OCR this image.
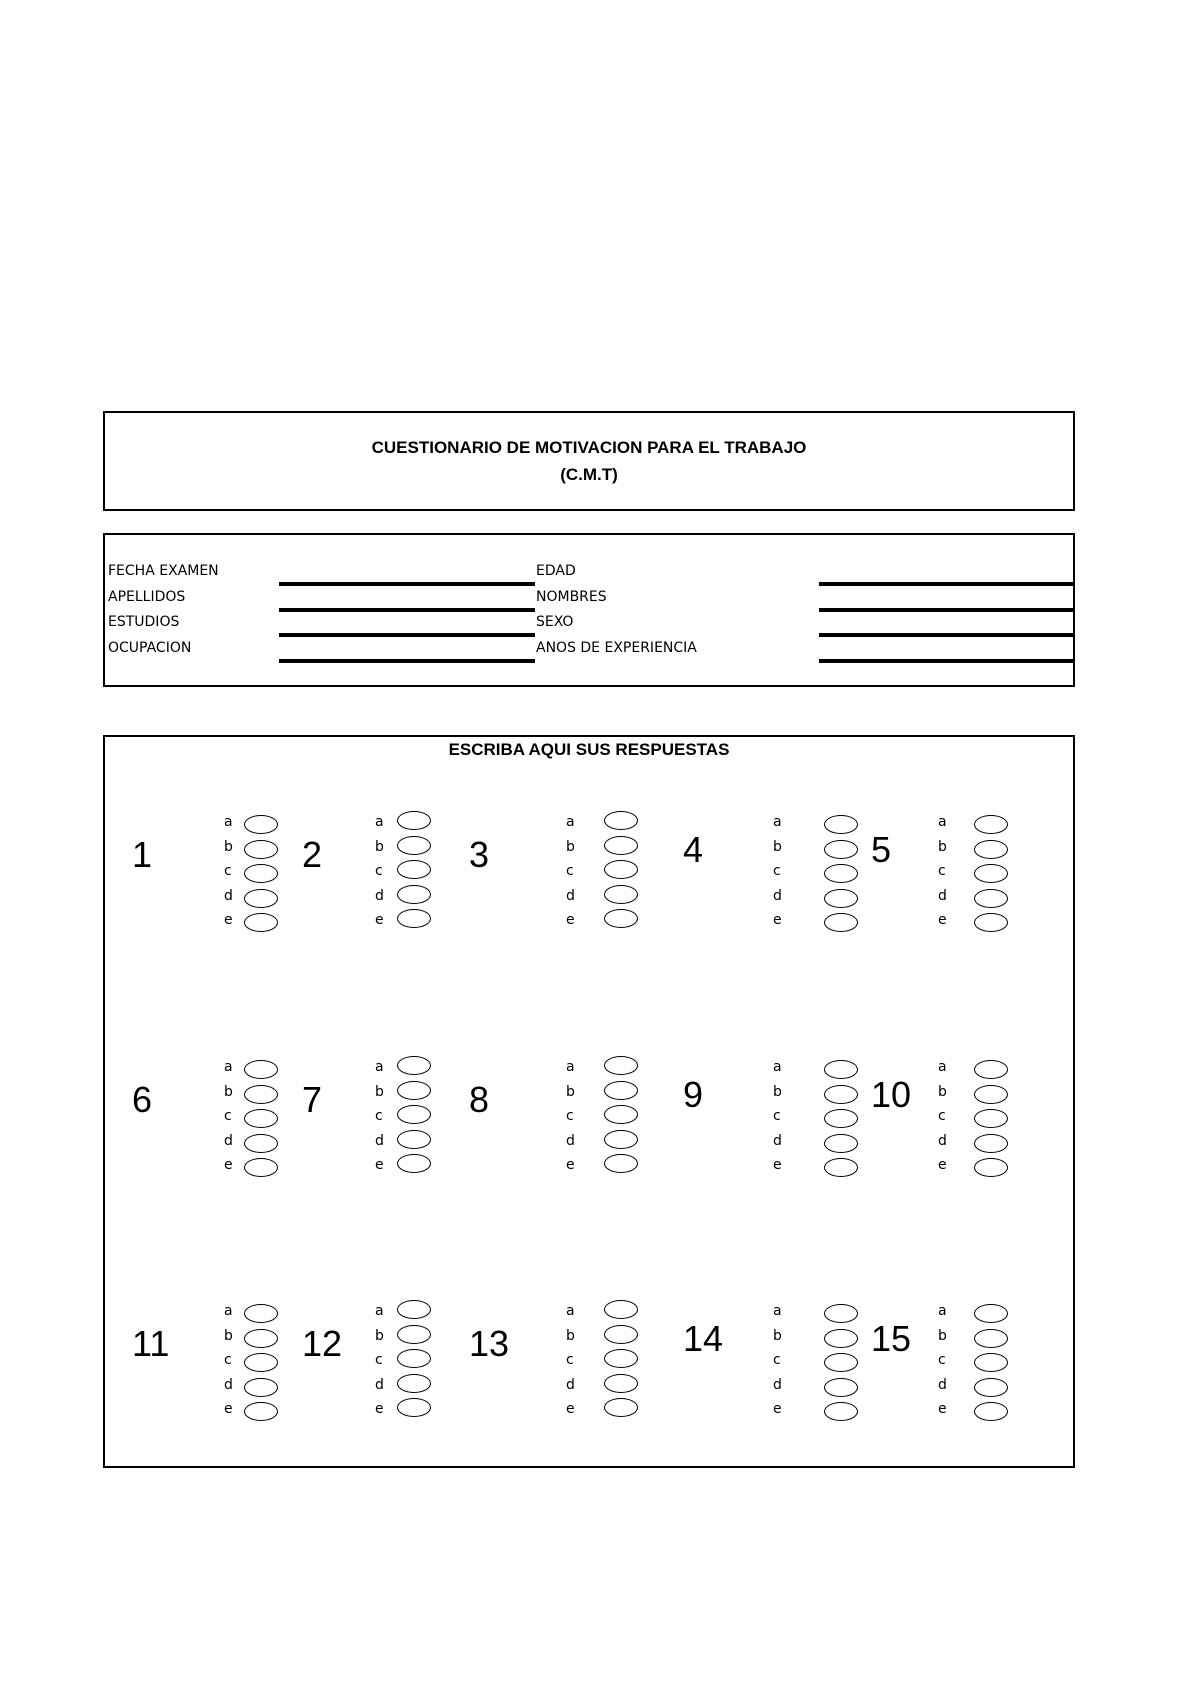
CUESTIONARIO DE MOTIVACION PARA EL TRABAJO
(C.M.T)
FECHA EXAMEN
APELLIDOS
ESTUDIOS
OCUPACION
EDAD
NOMBRES
SEXO
ANOS DE EXPERIENCIA
ESCRIBA AQUI SUS RESPUESTAS
1
a
b
c
d
e
2
a
b
c
d
e
3
a
b
c
d
e
4
a
b
c
d
e
5
a
b
c
d
e
6
a
b
c
d
e
7
a
b
c
d
e
8
a
b
c
d
e
9
a
b
c
d
e
10
a
b
c
d
e
11
a
b
c
d
e
12
a
b
c
d
e
13
a
b
c
d
e
14
a
b
c
d
e
15
a
b
c
d
e
